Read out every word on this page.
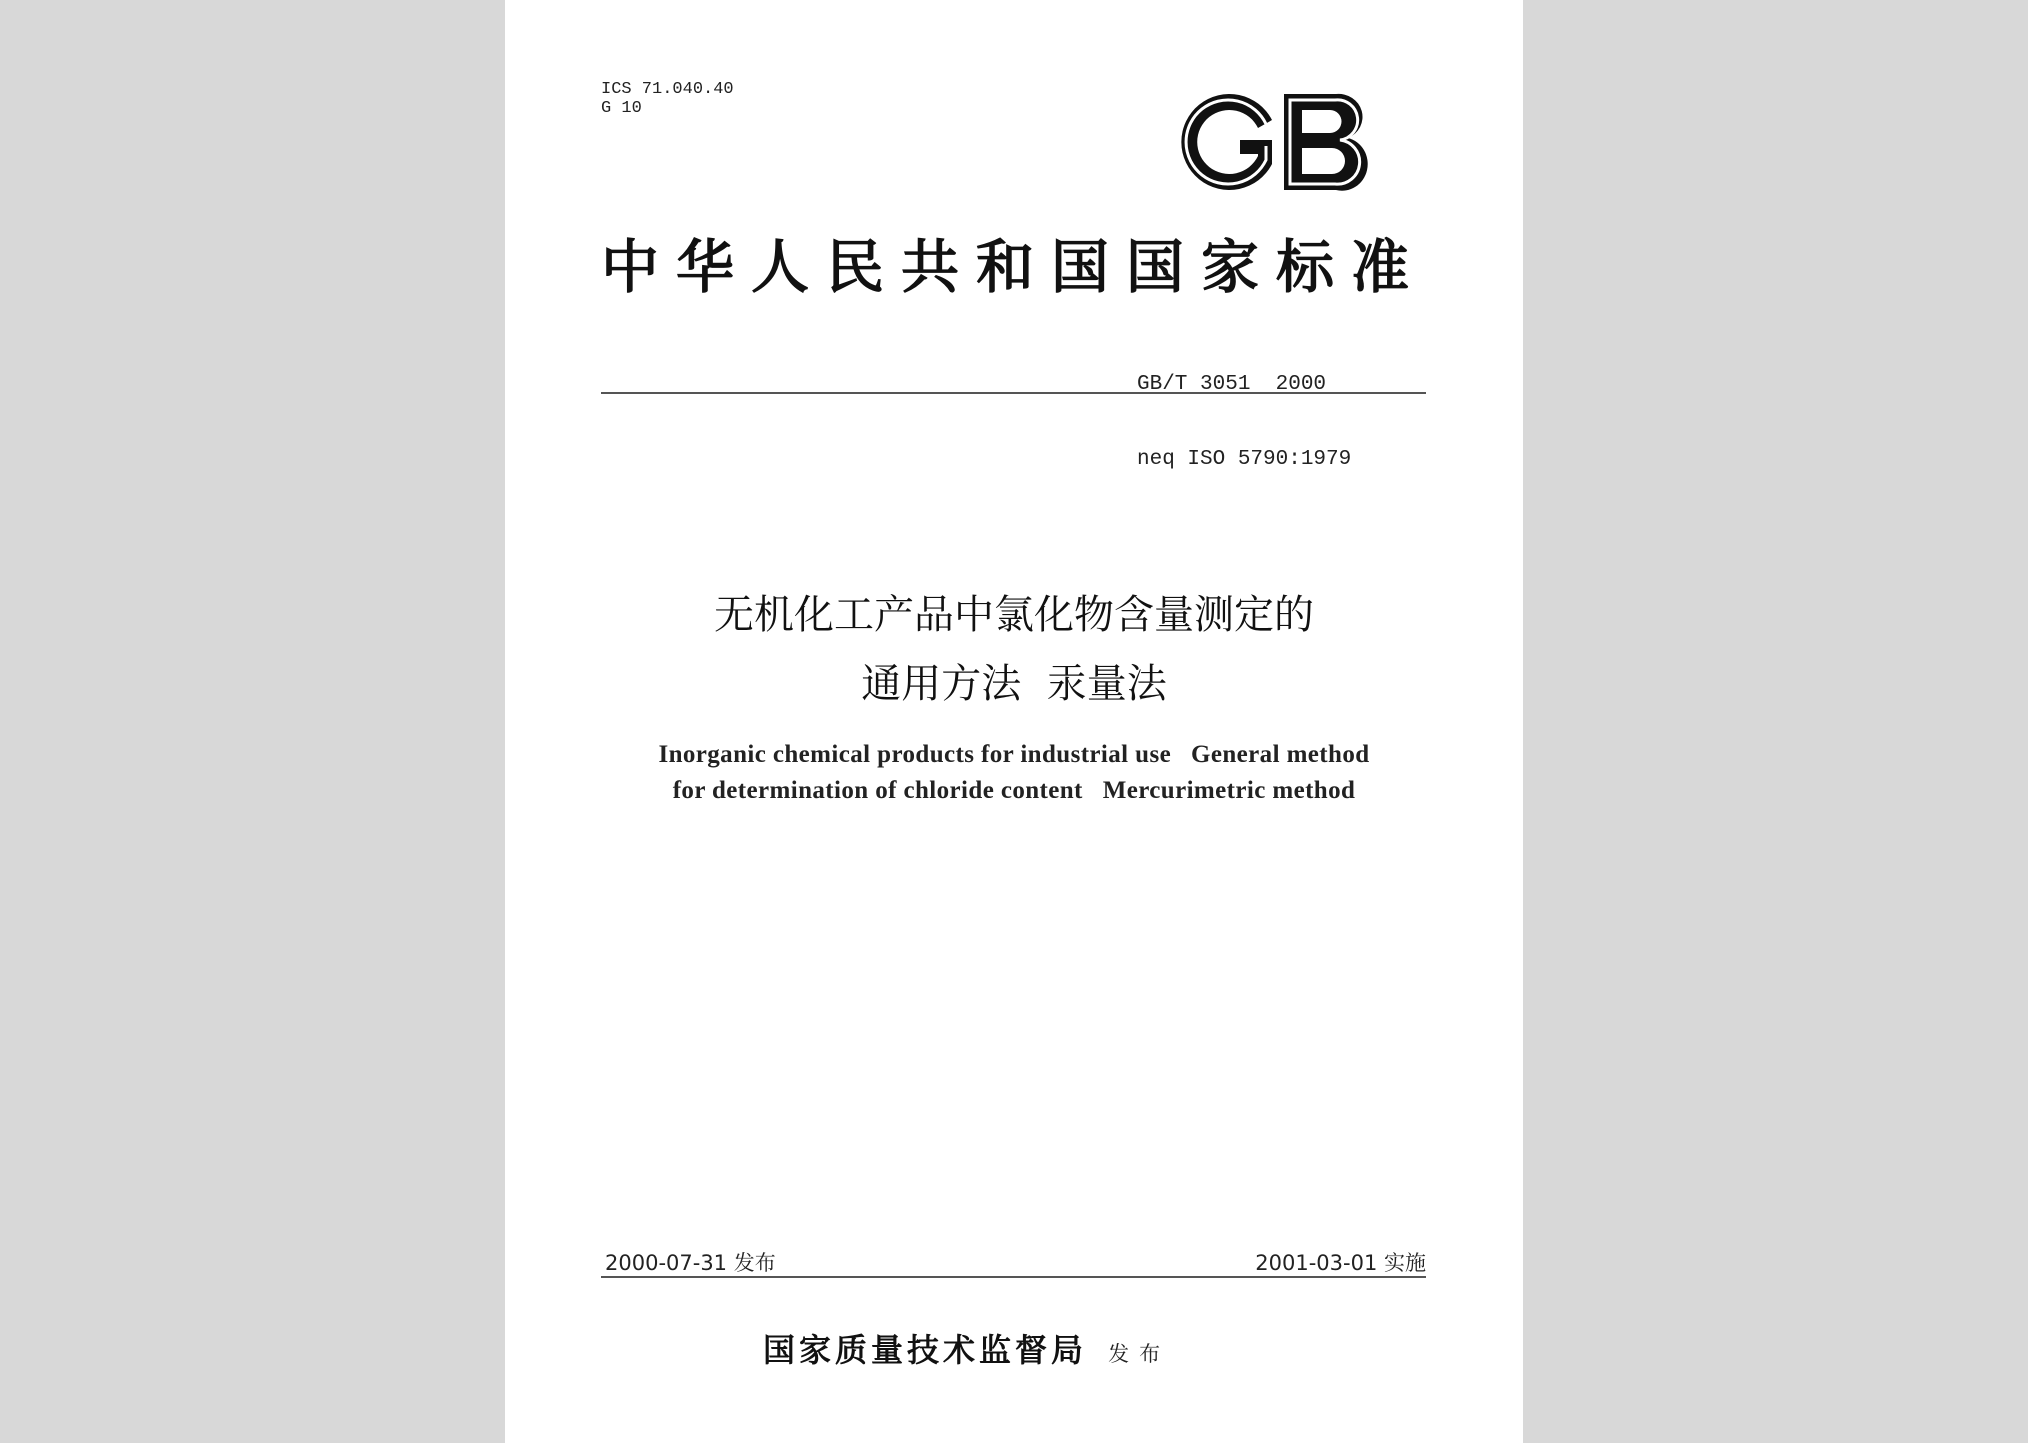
ICS 71.040.40
G 10
中华人民共和国国家标准

GB/T 3051  2000

neq ISO 5790:1979

无机化工产品中氯化物含量测定的
通用方法  汞量法
Inorganic chemical products for industrial use   General method
for determination of chloride content   Mercurimetric method
2000-07-31 发布	2001-03-01 实施
国家质量技术监督局 发布
